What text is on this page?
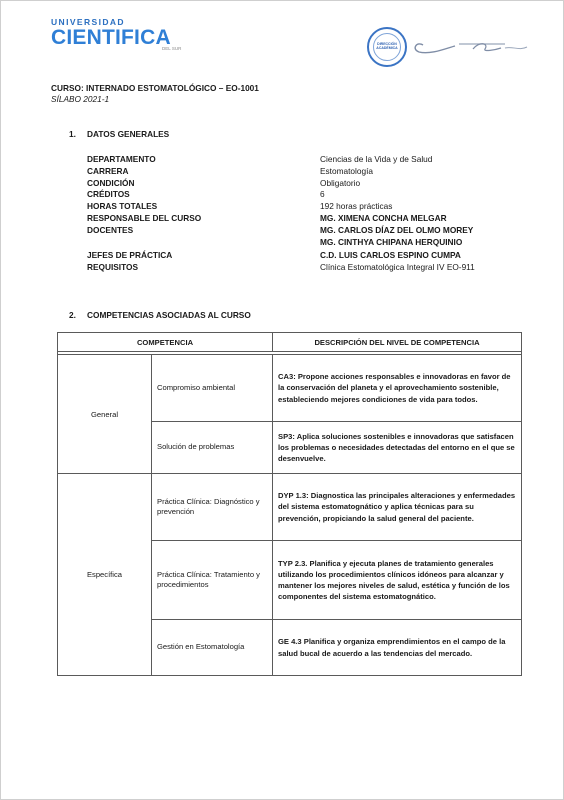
UNIVERSIDAD
CIENTIFICA
DEL SUR
DIRECCIÓN ACADÉMICA
CURSO: INTERNADO ESTOMATOLÓGICO – EO-1001
SÍLABO 2021-1
1. DATOS GENERALES
DEPARTAMENTO	Ciencias de la Vida y de Salud
CARRERA	Estomatología
CONDICIÓN	Obligatorio
CRÉDITOS	6
HORAS TOTALES	192 horas prácticas
RESPONSABLE DEL CURSO	MG. XIMENA CONCHA MELGAR
DOCENTES	MG. CARLOS DÍAZ DEL OLMO MOREY
MG. CINTHYA CHIPANA HERQUINIO
JEFES DE PRÁCTICA	C.D. LUIS CARLOS ESPINO CUMPA
REQUISITOS	Clínica Estomatológica Integral IV EO-911
2. COMPETENCIAS ASOCIADAS AL CURSO
COMPETENCIA		DESCRIPCIÓN DEL NIVEL DE COMPETENCIA

General	Compromiso ambiental	CA3: Propone acciones responsables e innovadoras en favor de la conservación del planeta y el aprovechamiento sostenible, estableciendo mejores condiciones de vida para todos.
	Solución de problemas	SP3: Aplica soluciones sostenibles e innovadoras que satisfacen los problemas o necesidades detectadas del entorno en el que se desenvuelve.
Específica	Práctica Clínica: Diagnóstico y prevención	DYP 1.3: Diagnostica las principales alteraciones y enfermedades del sistema estomatognático y aplica técnicas para su prevención, propiciando la salud general del paciente.
	Práctica Clínica: Tratamiento y procedimientos	TYP 2.3. Planifica y ejecuta planes de tratamiento generales utilizando los procedimientos clínicos idóneos para alcanzar y mantener los mejores niveles de salud, estética y función de los componentes del sistema estomatognático.
	Gestión en Estomatología	GE 4.3 Planifica y organiza emprendimientos en el campo de la salud bucal de acuerdo a las tendencias del mercado.
